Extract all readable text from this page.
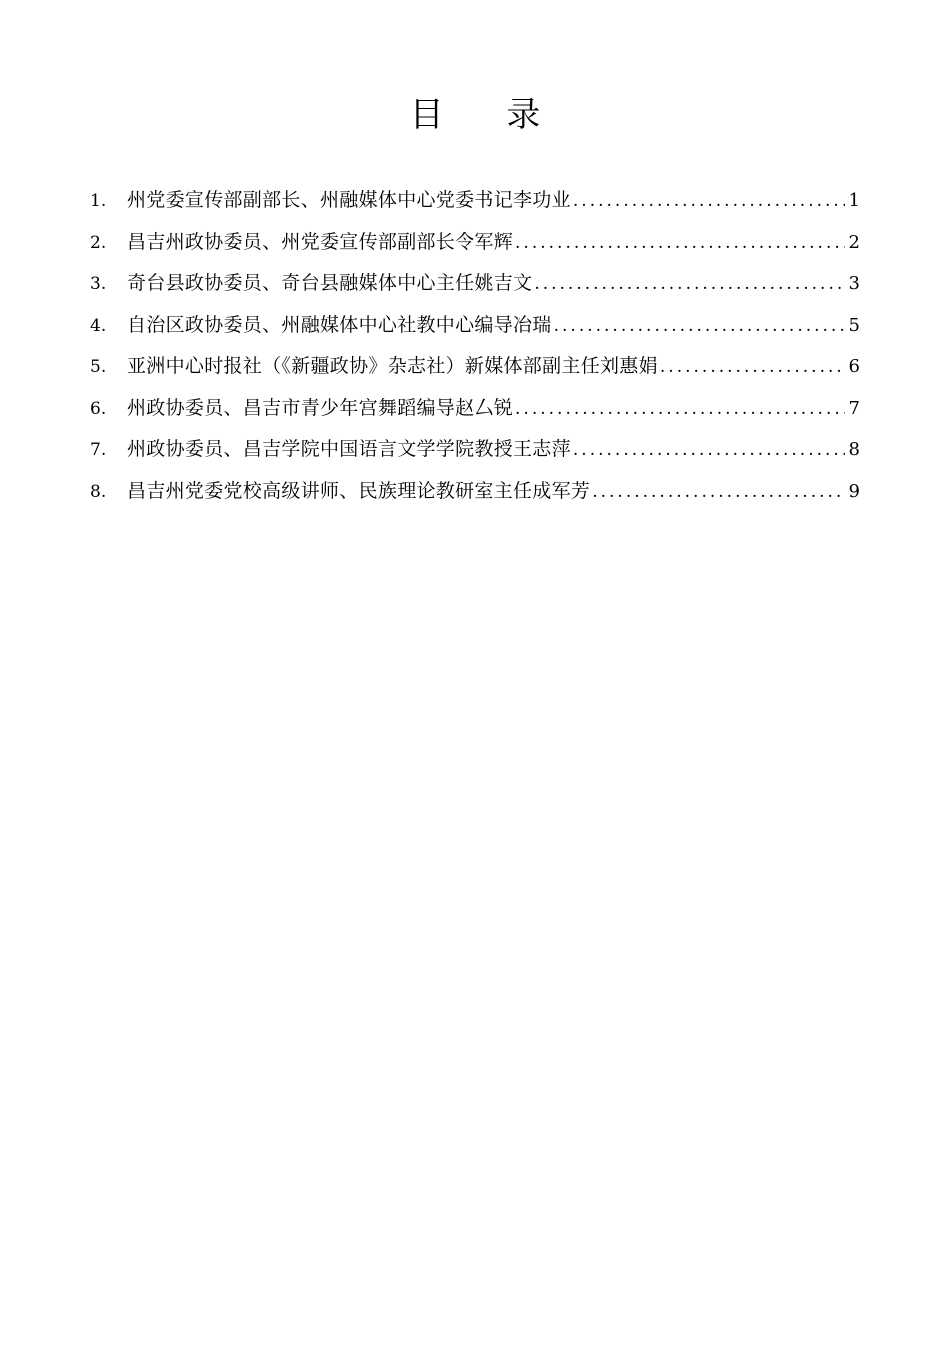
目 录
1.	州党委宣传部副部长、州融媒体中心党委书记李功业 .....	1
2.	昌吉州政协委员、州党委宣传部副部长令军辉 .....	2
3.	奇台县政协委员、奇台县融媒体中心主任姚吉文 .....	3
4.	自治区政协委员、州融媒体中心社教中心编导冶瑞 .....	5
5.	亚洲中心时报社（《新疆政协》杂志社）新媒体部副主任刘惠娟 .....	6
6.	州政协委员、昌吉市青少年宫舞蹈编导赵厶锐 .....	7
7.	州政协委员、昌吉学院中国语言文学学院教授王志萍 .....	8
8.	昌吉州党委党校高级讲师、民族理论教研室主任成军芳 .....	9
